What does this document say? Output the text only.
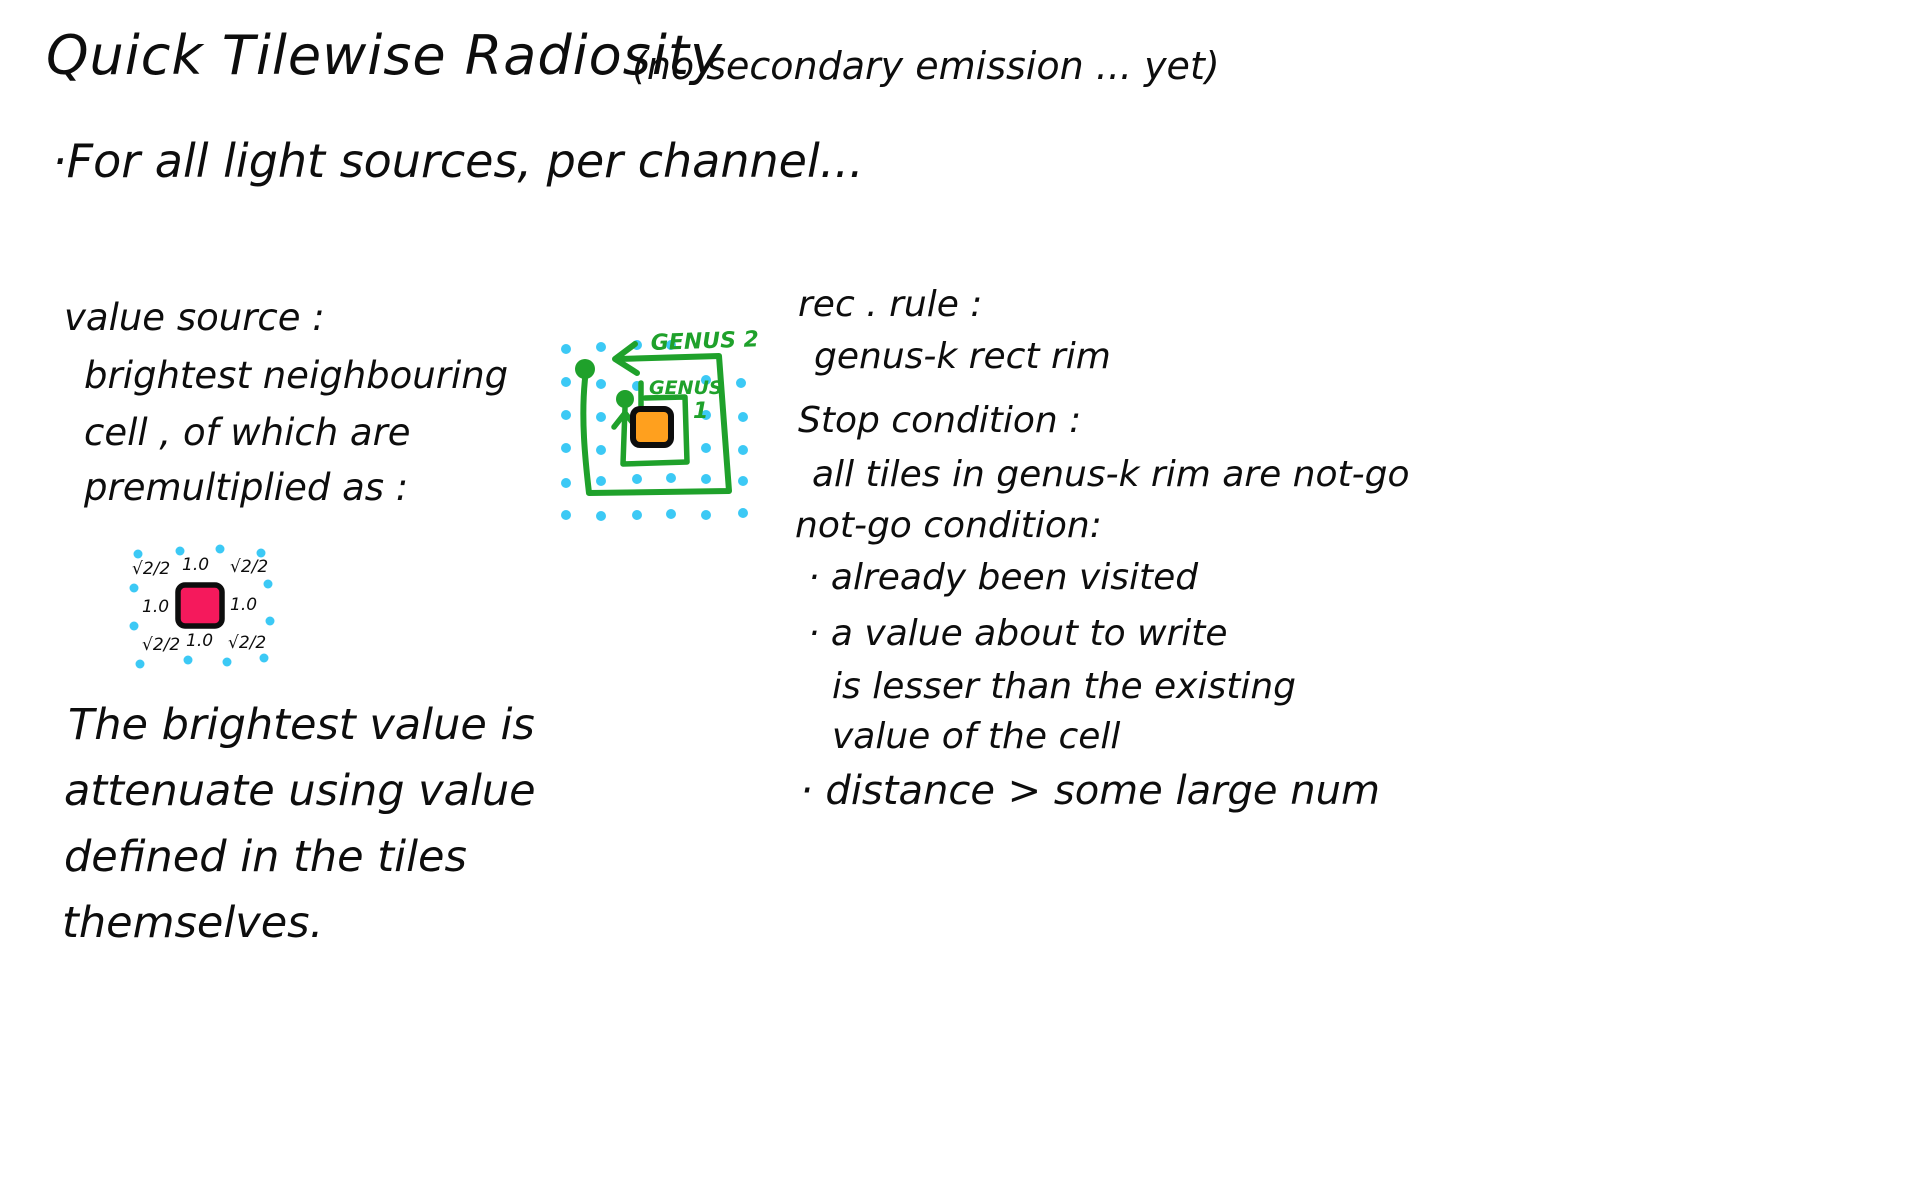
Quick Tilewise Radiosity
(no secondary emission ... yet)
·For all light sources, per channel...
value source :
brightest neighbouring
cell , of which are
premultiplied as :
√2/2 1.0 √2/2
1.0	1.0
√2/2 1.0 √2/2
The brightest value is
attenuate using value
defined in the tiles
themselves.
GENUS 2
GENUS
1
rec . rule :
genus-k rect rim
Stop condition :
all tiles in genus-k rim are not-go
not-go condition:
· already been visited
· a value about to write
is lesser than the existing
value of the cell
· distance > some large num
